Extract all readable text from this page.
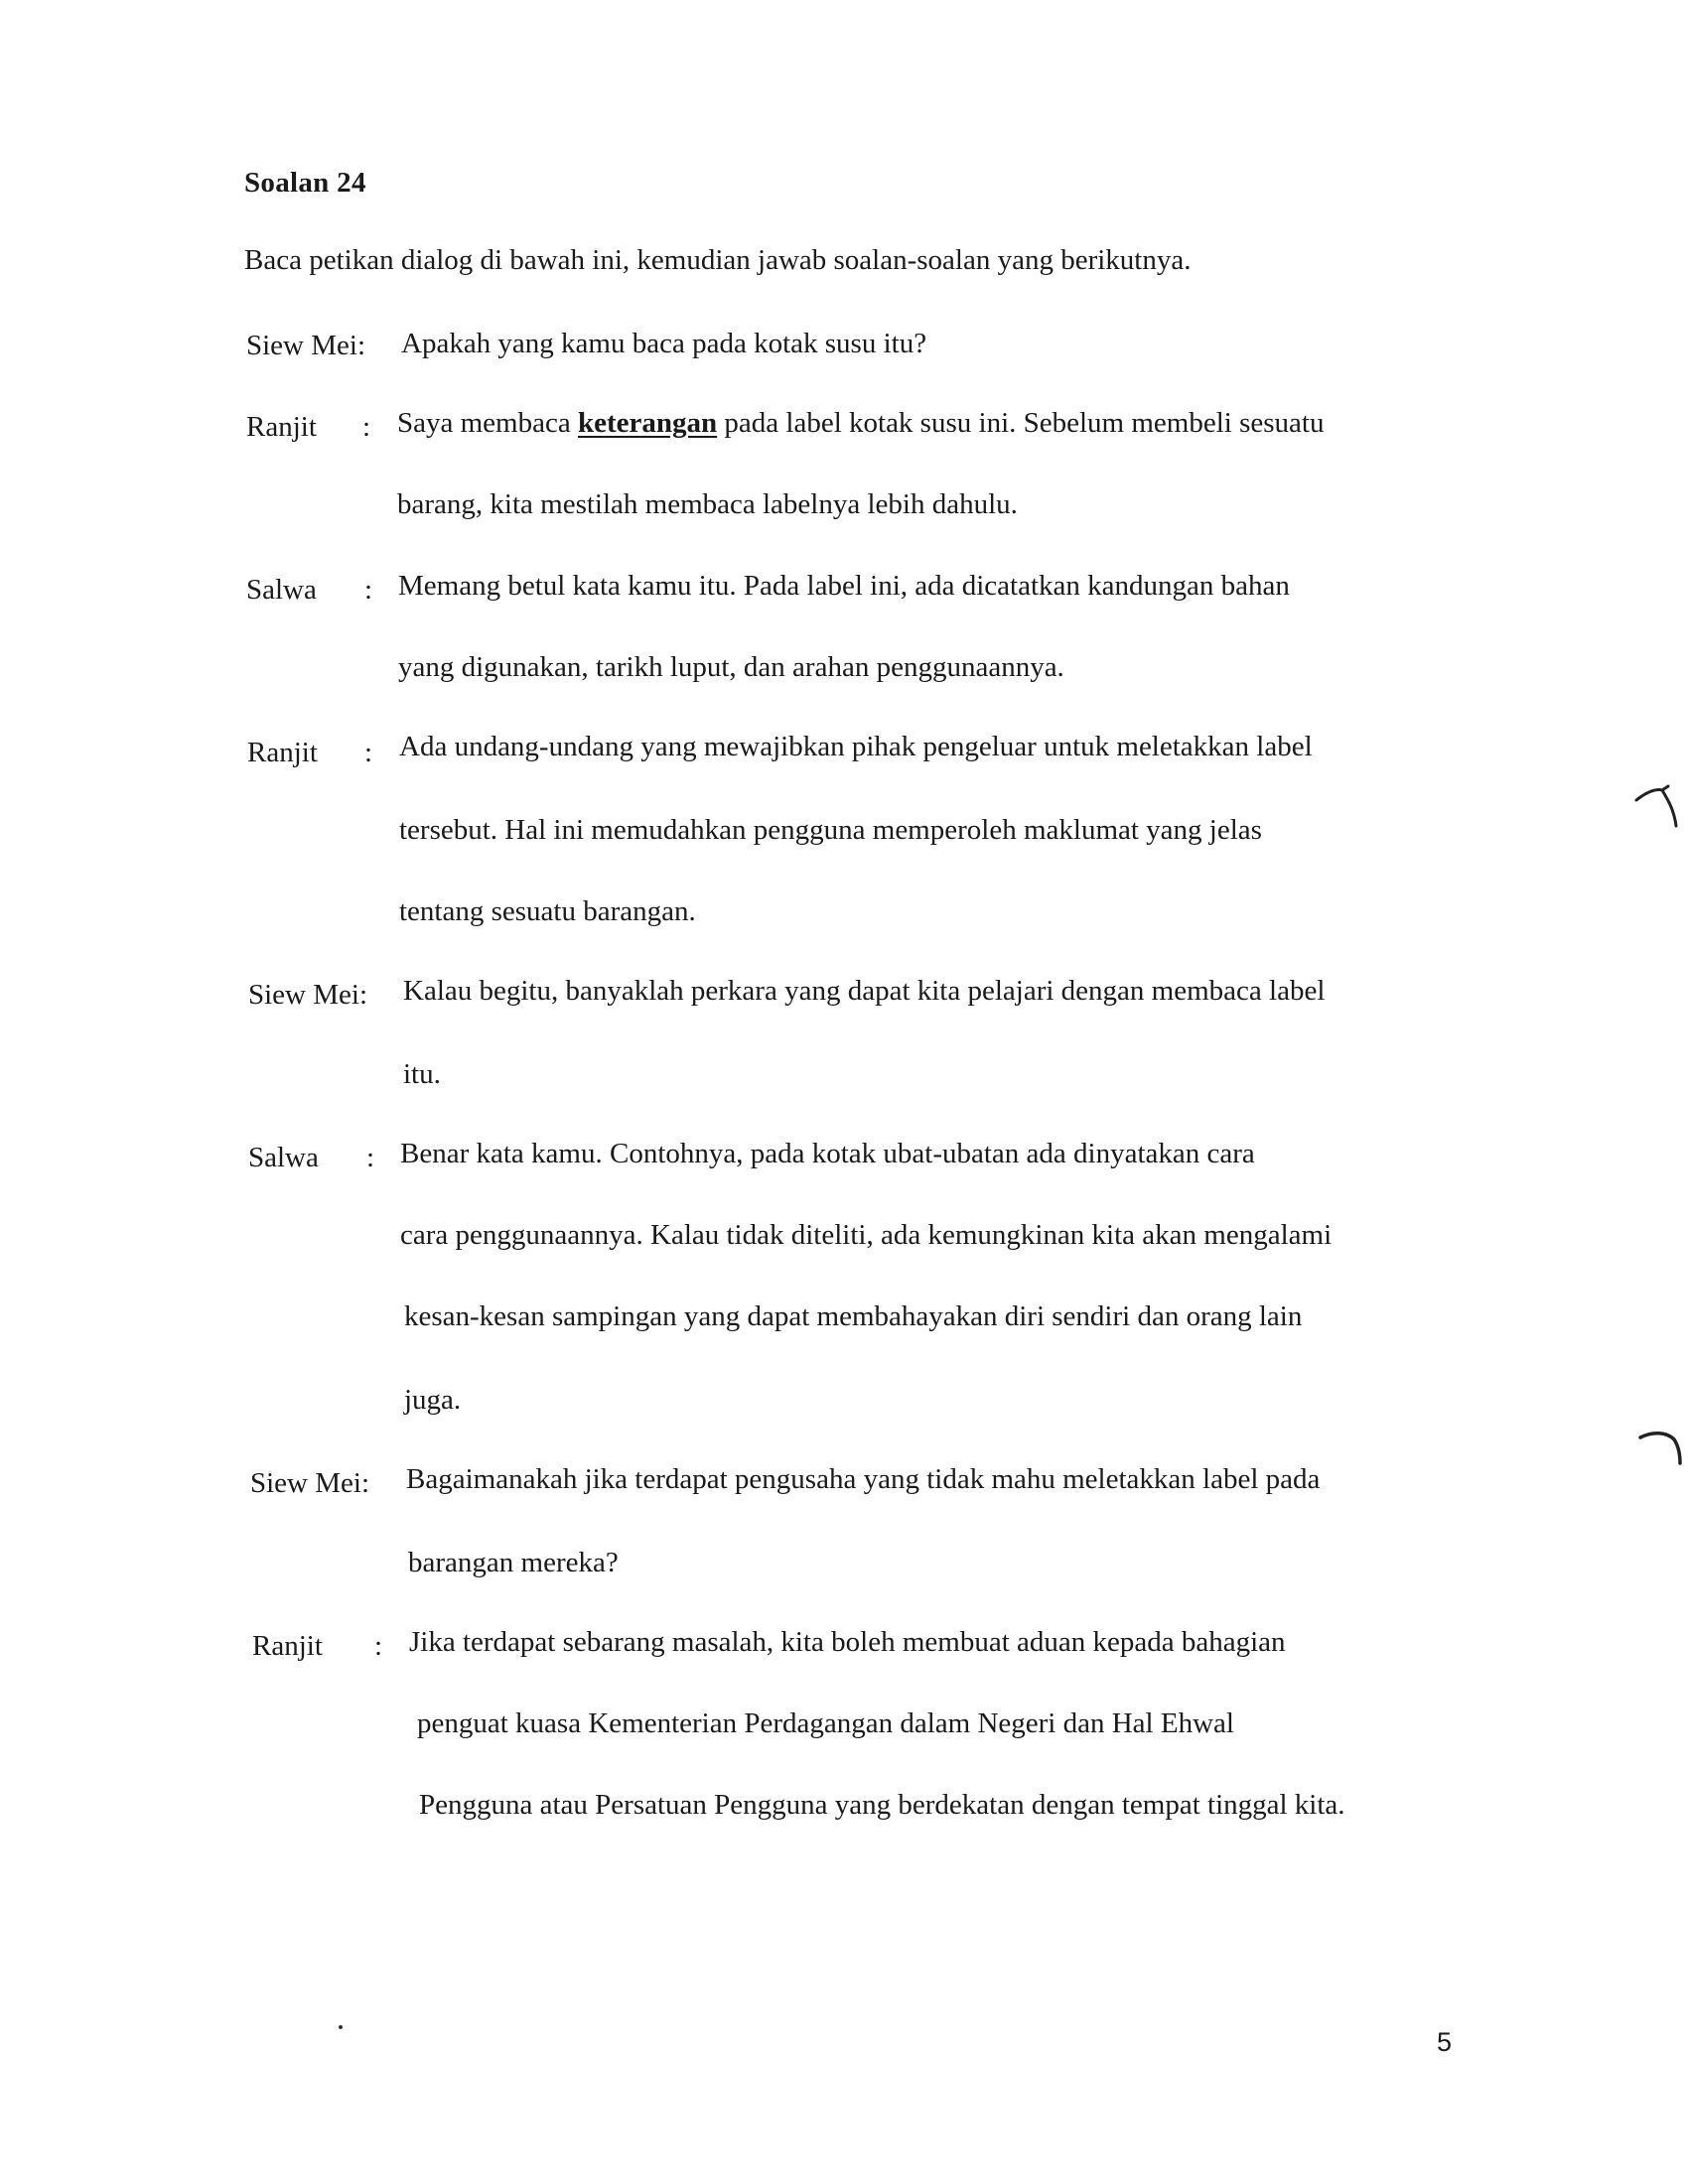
Soalan 24
Baca petikan dialog di bawah ini, kemudian jawab soalan-soalan yang berikutnya.
Siew Mei:	Apakah yang kamu baca pada kotak susu itu?
Ranjit	: Saya membaca keterangan pada label kotak susu ini. Sebelum membeli sesuatu
barang, kita mestilah membaca labelnya lebih dahulu.
Salwa	: Memang betul kata kamu itu. Pada label ini, ada dicatatkan kandungan bahan
yang digunakan, tarikh luput, dan arahan penggunaannya.
Ranjit	: Ada undang-undang yang mewajibkan pihak pengeluar untuk meletakkan label
tersebut. Hal ini memudahkan pengguna memperoleh maklumat yang jelas
tentang sesuatu barangan.
Siew Mei:	Kalau begitu, banyaklah perkara yang dapat kita pelajari dengan membaca label
itu.
Salwa	: Benar kata kamu. Contohnya, pada kotak ubat-ubatan ada dinyatakan cara
cara penggunaannya. Kalau tidak diteliti, ada kemungkinan kita akan mengalami
kesan-kesan sampingan yang dapat membahayakan diri sendiri dan orang lain
juga.
Siew Mei:	Bagaimanakah jika terdapat pengusaha yang tidak mahu meletakkan label pada
barangan mereka?
Ranjit	: Jika terdapat sebarang masalah, kita boleh membuat aduan kepada bahagian
penguat kuasa Kementerian Perdagangan dalam Negeri dan Hal Ehwal
Pengguna atau Persatuan Pengguna yang berdekatan dengan tempat tinggal kita.
5
